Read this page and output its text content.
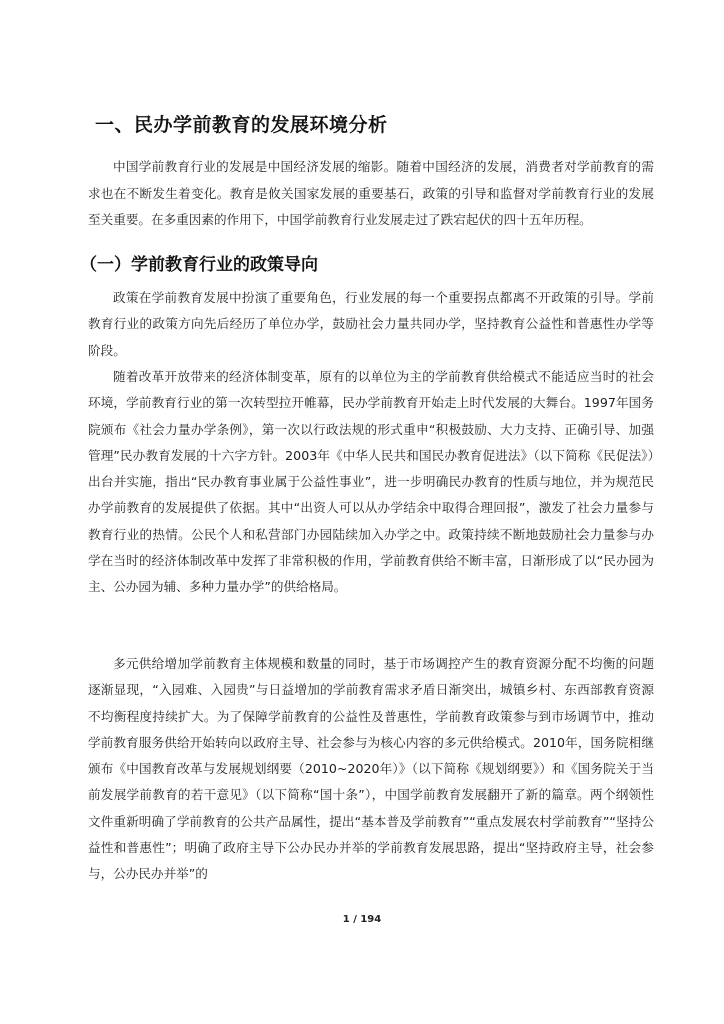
一、民办学前教育的发展环境分析

中国学前教育行业的发展是中国经济发展的缩影。随着中国经济的发展，消费者对学前教育的需求也在不断发生着变化。教育是攸关国家发展的重要基石，政策的引导和监督对学前教育行业的发展至关重要。在多重因素的作用下，中国学前教育行业发展走过了跌宕起伏的四十五年历程。

（一）学前教育行业的政策导向

政策在学前教育发展中扮演了重要角色，行业发展的每一个重要拐点都离不开政策的引导。学前教育行业的政策方向先后经历了单位办学，鼓励社会力量共同办学，坚持教育公益性和普惠性办学等阶段。

随着改革开放带来的经济体制变革，原有的以单位为主的学前教育供给模式不能适应当时的社会环境，学前教育行业的第一次转型拉开帷幕，民办学前教育开始走上时代发展的大舞台。1997年国务院颁布《社会力量办学条例》，第一次以行政法规的形式重申“积极鼓励、大力支持、正确引导、加强管理”民办教育发展的十六字方针。2003年《中华人民共和国民办教育促进法》（以下简称《民促法》）出台并实施，指出“民办教育事业属于公益性事业”，进一步明确民办教育的性质与地位，并为规范民办学前教育的发展提供了依据。其中“出资人可以从办学结余中取得合理回报”，激发了社会力量参与教育行业的热情。公民个人和私营部门办园陆续加入办学之中。政策持续不断地鼓励社会力量参与办学在当时的经济体制改革中发挥了非常积极的作用，学前教育供给不断丰富，日渐形成了以“民办园为主、公办园为辅、多种力量办学”的供给格局。

多元供给增加学前教育主体规模和数量的同时，基于市场调控产生的教育资源分配不均衡的问题逐渐显现，“入园难、入园贵”与日益增加的学前教育需求矛盾日渐突出，城镇乡村、东西部教育资源不均衡程度持续扩大。为了保障学前教育的公益性及普惠性，学前教育政策参与到市场调节中，推动学前教育服务供给开始转向以政府主导、社会参与为核心内容的多元供给模式。2010年，国务院相继颁布《中国教育改革与发展规划纲要（2010~2020年）》（以下简称《规划纲要》）和《国务院关于当前发展学前教育的若干意见》（以下简称“国十条”），中国学前教育发展翻开了新的篇章。两个纲领性文件重新明确了学前教育的公共产品属性，提出“基本普及学前教育”“重点发展农村学前教育”“坚持公益性和普惠性”；明确了政府主导下公办民办并举的学前教育发展思路，提出“坚持政府主导，社会参与，公办民办并举”的

1 / 194
